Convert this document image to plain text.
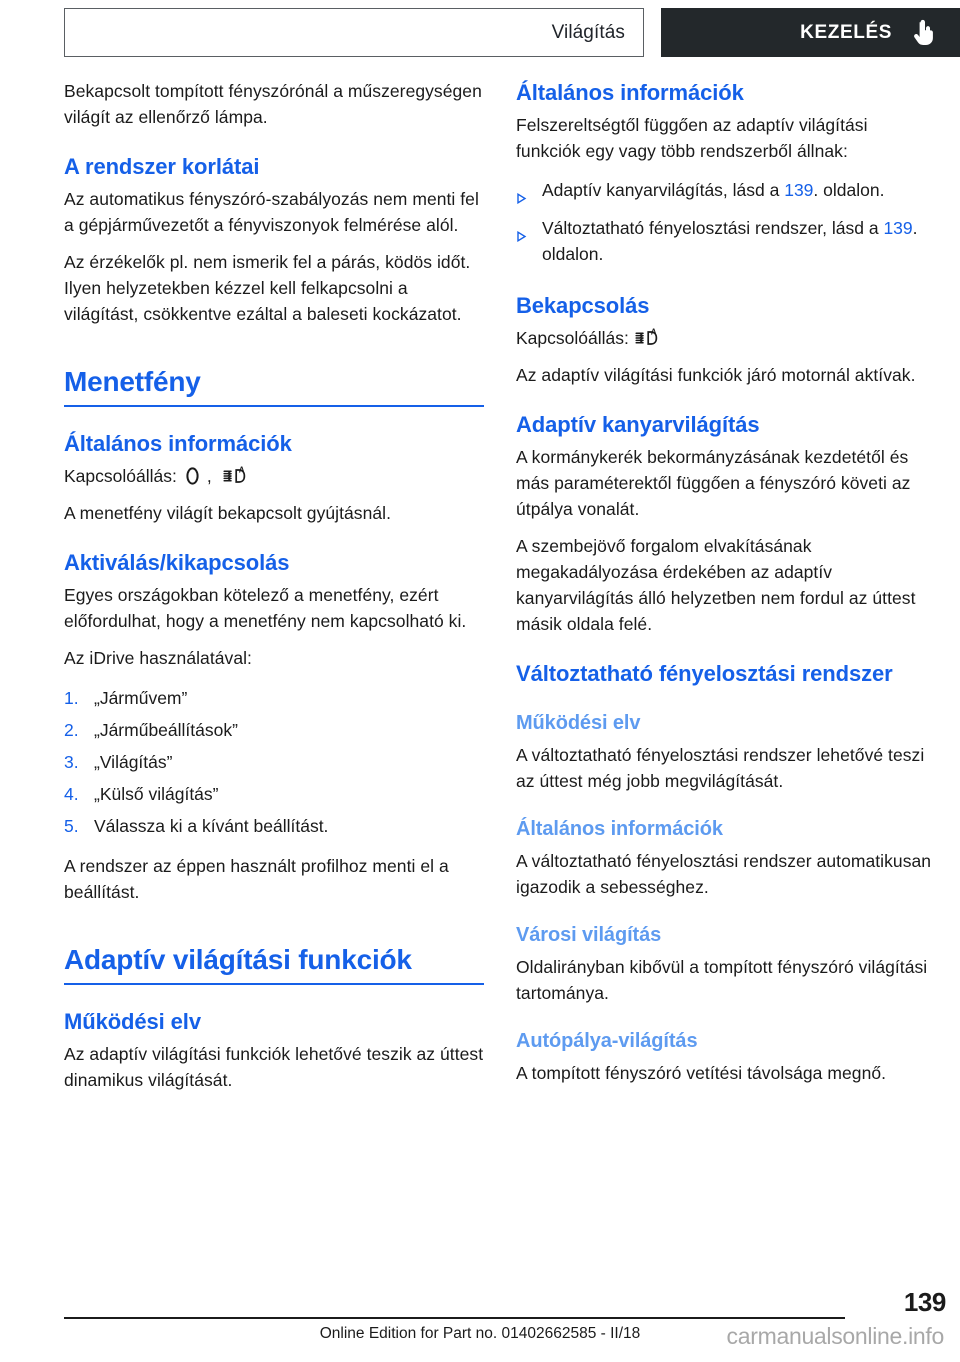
Világítás	KEZELÉS

Bekapcsolt tompított fényszórónál a műszeregységen világít az ellenőrző lámpa.

A rendszer korlátai

Az automatikus fényszóró-szabályozás nem menti fel a gépjárművezetőt a fényviszonyok felmérése alól.

Az érzékelők pl. nem ismerik fel a párás, ködös időt. Ilyen helyzetekben kézzel kell felkapcsolni a világítást, csökkentve ezáltal a baleseti kockázatot.

Menetfény
Általános információk
Kapcsolóállás: ,	A

A menetfény világít bekapcsolt gyújtásnál.

Aktiválás/kikapcsolás

Egyes országokban kötelező a menetfény, ezért előfordulhat, hogy a menetfény nem kapcsolható ki.

Az iDrive használatával:

1. „Járművem”
2. „Járműbeállítások”
3. „Világítás”
4. „Külső világítás”
5. Válassza ki a kívánt beállítást.

A rendszer az éppen használt profilhoz menti el a beállítást.

Adaptív világítási funkciók
Működési elv

Az adaptív világítási funkciók lehetővé teszik az úttest dinamikus világítását.

Általános információk

Felszereltségtől függően az adaptív világítási funkciók egy vagy több rendszerből állnak:

Adaptív kanyarvilágítás, lásd a 139. oldalon.
Változtatható fényelosztási rendszer, lásd a 139. oldalon.
Bekapcsolás
Kapcsolóállás:	A

Az adaptív világítási funkciók járó motornál aktívak.

Adaptív kanyarvilágítás

A kormánykerék bekormányzásának kezdetétől és más paraméterektől függően a fényszóró követi az útpálya vonalát.

A szembejövő forgalom elvakításának megakadályozása érdekében az adaptív kanyarvilágítás álló helyzetben nem fordul az úttest másik oldala felé.

Változtatható fényelosztási rendszer
Működési elv

A változtatható fényelosztási rendszer lehetővé teszi az úttest még jobb megvilágítását.

Általános információk

A változtatható fényelosztási rendszer automatikusan igazodik a sebességhez.

Városi világítás

Oldalirányban kibővül a tompított fényszóró világítási tartománya.

Autópálya-világítás

A tompított fényszóró vetítési távolsága megnő.

139
Online Edition for Part no. 01402662585 - II/18	carmanualsonline.info
